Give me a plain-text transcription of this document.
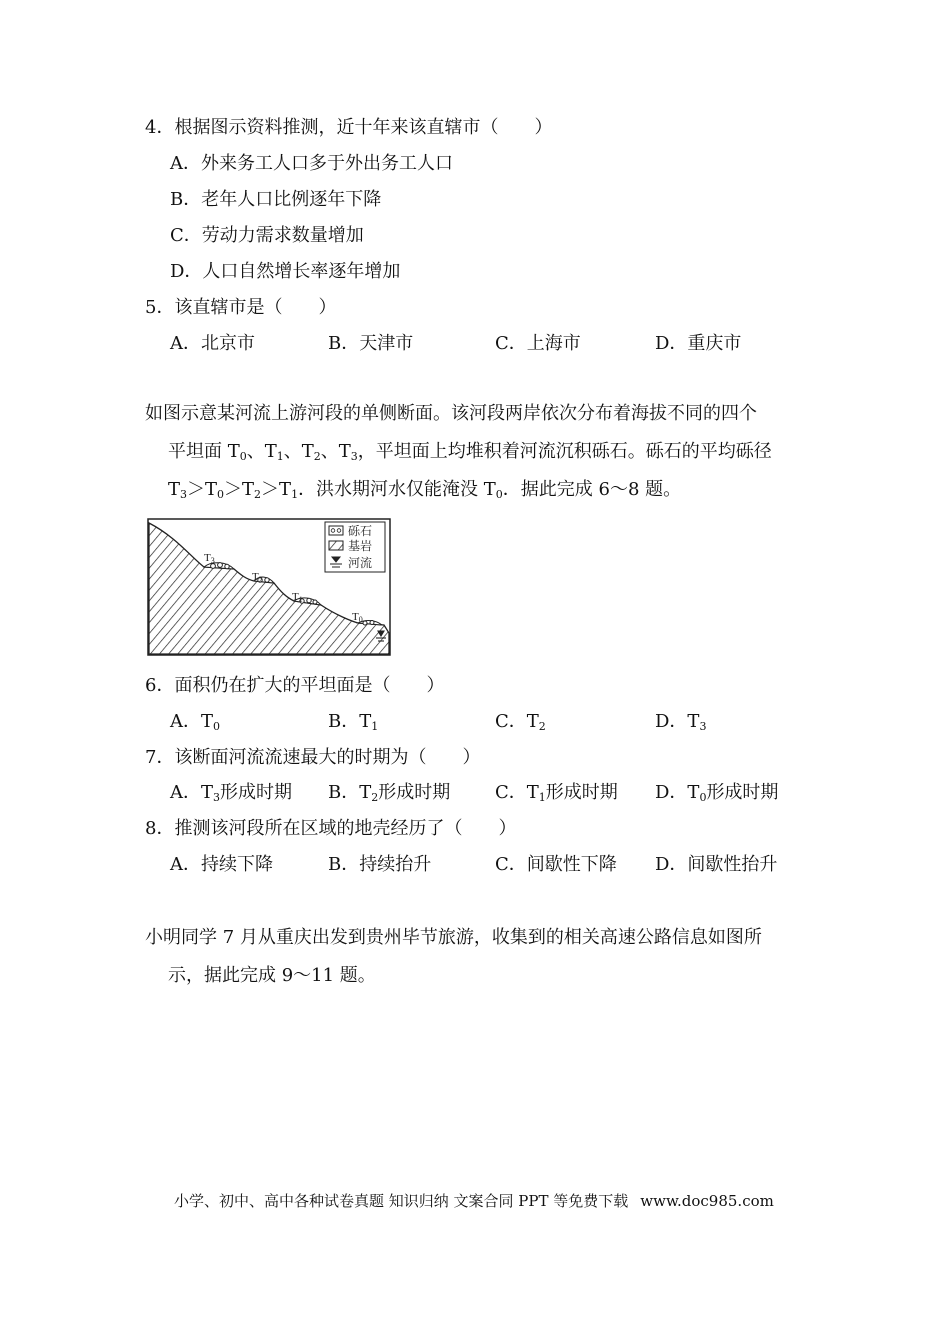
4．根据图示资料推测，近十年来该直辖市（　　）
A．外来务工人口多于外出务工人口
B．老年人口比例逐年下降
C．劳动力需求数量增加
D．人口自然增长率逐年增加
5．该直辖市是（　　）
A．北京市	B．天津市	C．上海市	D．重庆市
如图示意某河流上游河段的单侧断面。该河段两岸依次分布着海拔不同的四个
平坦面 $T_0$、$T_1$、$T_2$、$T_3$，平坦面上均堆积着河流沉积砾石。砾石的平均砾径
$T_3>T_0>T_2>T_1$．洪水期河水仅能淹没 $T_0$．据此完成 6～8 题。
T3
T2
T1
T0
砾石
基岩
河流
6．面积仍在扩大的平坦面是（　　）
A．$T_0$	B．$T_1$	C．$T_2$	D．$T_3$
7．该断面河流流速最大的时期为（　　）
A．$T_3$形成时期 B．$T_2$形成时期 C．$T_1$形成时期 D．$T_0$形成时期
8．推测该河段所在区域的地壳经历了（　　）
A．持续下降	B．持续抬升	C．间歇性下降 D．间歇性抬升
小明同学 7 月从重庆出发到贵州毕节旅游，收集到的相关高速公路信息如图所
示，据此完成 9～11 题。
小学、初中、高中各种试卷真题 知识归纳 文案合同 PPT 等免费下载 www.doc985.com
